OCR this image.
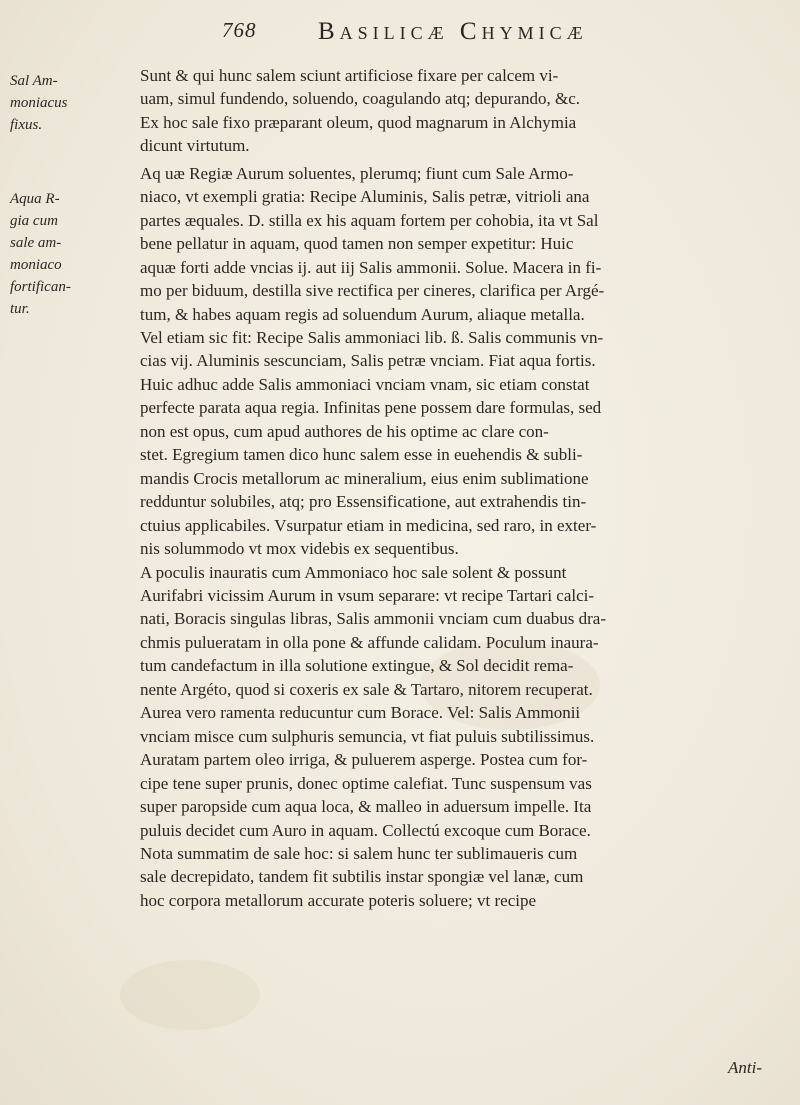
768 Basilicæ Chymicæ
Sal Am-
moniacus
fixus.
Aqua R-
gia cum
sale am-
moniaco
fortifican-
tur.

Sunt & qui hunc salem sciunt artificiose fixare per calcem vi-
uam, simul fundendo, soluendo, coagulando atq; depurando, &c.
Ex hoc sale fixo præparant oleum, quod magnarum in Alchymia
dicunt virtutum.

Aq uæ Regiæ Aurum soluentes, plerumq; fiunt cum Sale Armo-
niaco, vt exempli gratia: Recipe Aluminis, Salis petræ, vitrioli ana
partes æquales. D. stilla ex his aquam fortem per cohobia, ita vt Sal
bene pellatur in aquam, quod tamen non semper expetitur: Huic
aquæ forti adde vncias ij. aut iij Salis ammonii. Solue. Macera in fi-
mo per biduum, destilla sive rectifica per cineres, clarifica per Argé-
tum, & habes aquam regis ad soluendum Aurum, aliaque metalla.
Vel etiam sic fit: Recipe Salis ammoniaci lib. ß. Salis communis vn-
cias vij. Aluminis sescunciam, Salis petræ vnciam. Fiat aqua fortis.
Huic adhuc adde Salis ammoniaci vnciam vnam, sic etiam constat
perfecte parata aqua regia. Infinitas pene possem dare formulas, sed
non est opus, cum apud authores de his optime ac clare con-
stet. Egregium tamen dico hunc salem esse in euehendis & subli-
mandis Crocis metallorum ac mineralium, eius enim sublimatione
redduntur solubiles, atq; pro Essensificatione, aut extrahendis tin-
ctuius applicabiles. Vsurpatur etiam in medicina, sed raro, in exter-
nis solummodo vt mox videbis ex sequentibus.

A poculis inauratis cum Ammoniaco hoc sale solent & possunt
Aurifabri vicissim Aurum in vsum separare: vt recipe Tartari calci-
nati, Boracis singulas libras, Salis ammonii vnciam cum duabus dra-
chmis pulueratam in olla pone & affunde calidam. Poculum inaura-
tum candefactum in illa solutione extingue, & Sol decidit rema-
nente Argéto, quod si coxeris ex sale & Tartaro, nitorem recuperat.
Aurea vero ramenta reducuntur cum Borace. Vel: Salis Ammonii
vnciam misce cum sulphuris semuncia, vt fiat puluis subtilissimus.
Auratam partem oleo irriga, & puluerem asperge. Postea cum for-
cipe tene super prunis, donec optime calefiat. Tunc suspensum vas
super paropside cum aqua loca, & malleo in aduersum impelle. Ita
puluis decidet cum Auro in aquam. Collectú excoque cum Borace.

Nota summatim de sale hoc: si salem hunc ter sublimaueris cum
sale decrepidato, tandem fit subtilis instar spongiæ vel lanæ, cum
hoc corpora metallorum accurate poteris soluere; vt recipe

Anti-
